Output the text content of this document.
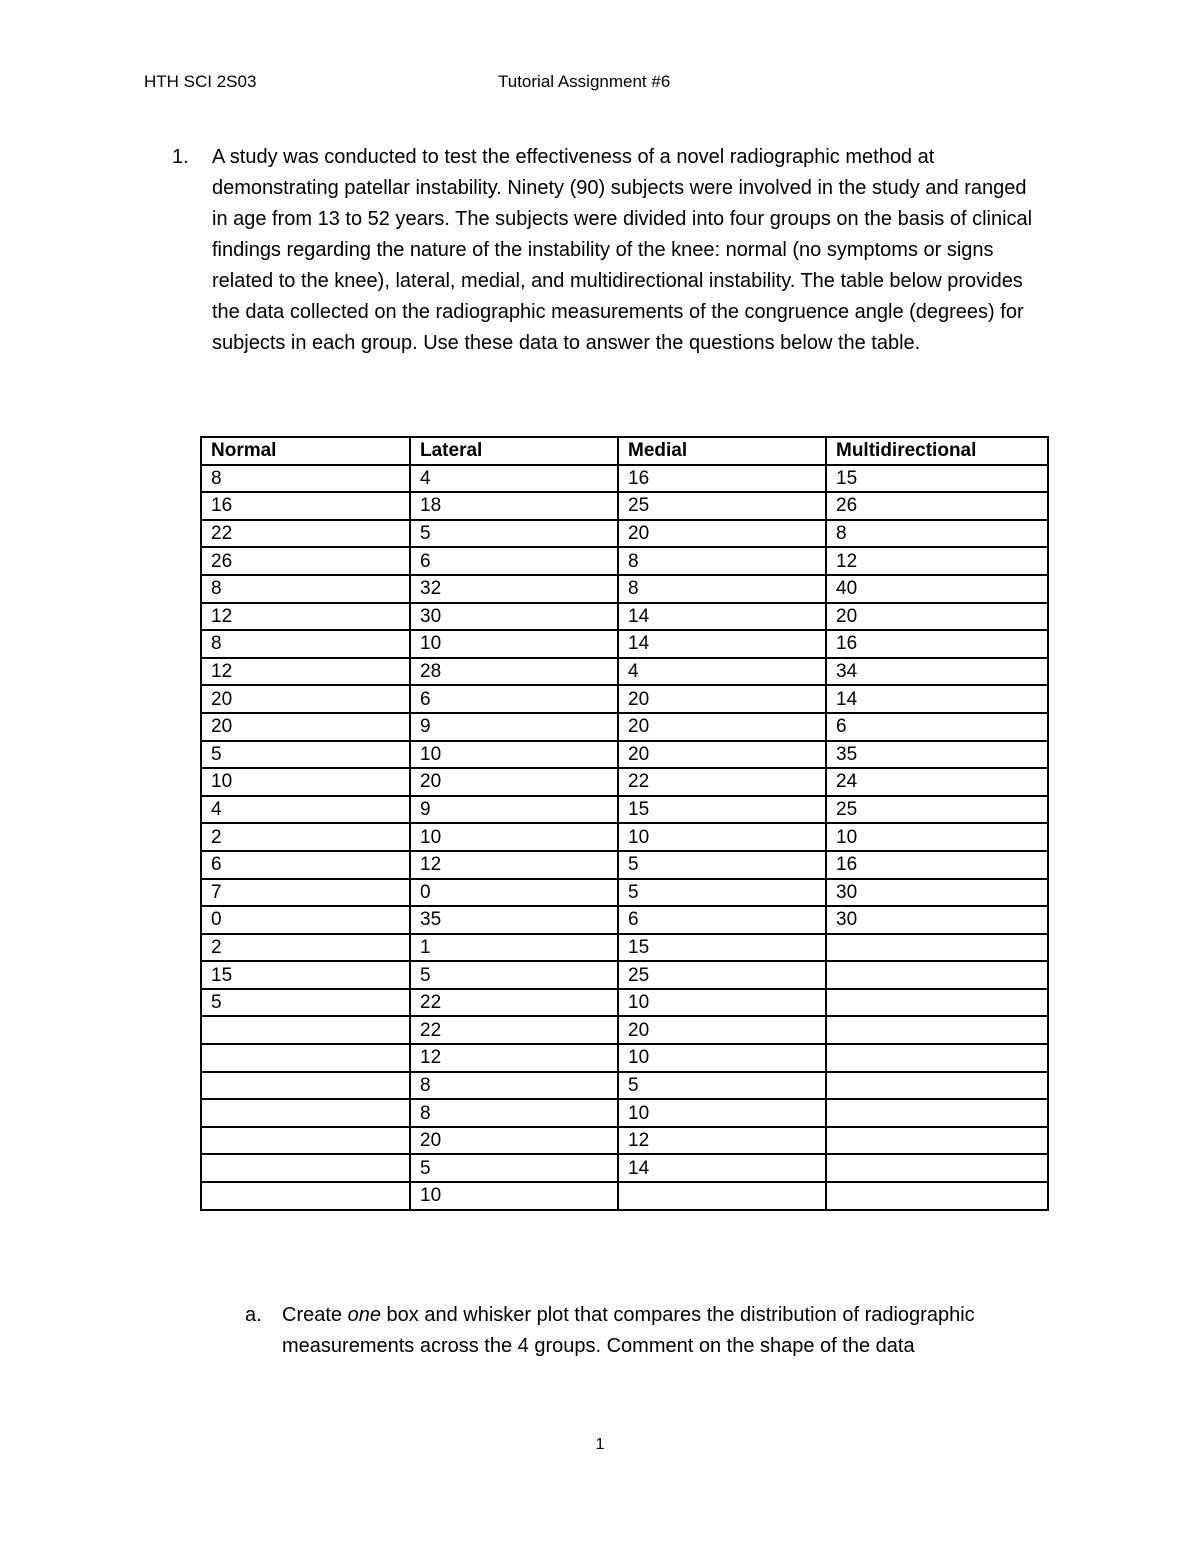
HTH SCI 2S03	Tutorial Assignment #6
1. A study was conducted to test the effectiveness of a novel radiographic method at demonstrating patellar instability. Ninety (90) subjects were involved in the study and ranged in age from 13 to 52 years. The subjects were divided into four groups on the basis of clinical findings regarding the nature of the instability of the knee: normal (no symptoms or signs related to the knee), lateral, medial, and multidirectional instability. The table below provides the data collected on the radiographic measurements of the congruence angle (degrees) for subjects in each group. Use these data to answer the questions below the table.
Normal	Lateral	Medial	Multidirectional
8	4	16	15
16	18	25	26
22	5	20	8
26	6	8	12
8	32	8	40
12	30	14	20
8	10	14	16
12	28	4	34
20	6	20	14
20	9	20	6
5	10	20	35
10	20	22	24
4	9	15	25
2	10	10	10
6	12	5	16
7	0	5	30
0	35	6	30
2	1	15	
15	5	25	
5	22	10	
	22	20	
	12	10	
	8	5	
	8	10	
	20	12	
	5	14	
	10		
a. Create one box and whisker plot that compares the distribution of radiographic measurements across the 4 groups. Comment on the shape of the data
1
